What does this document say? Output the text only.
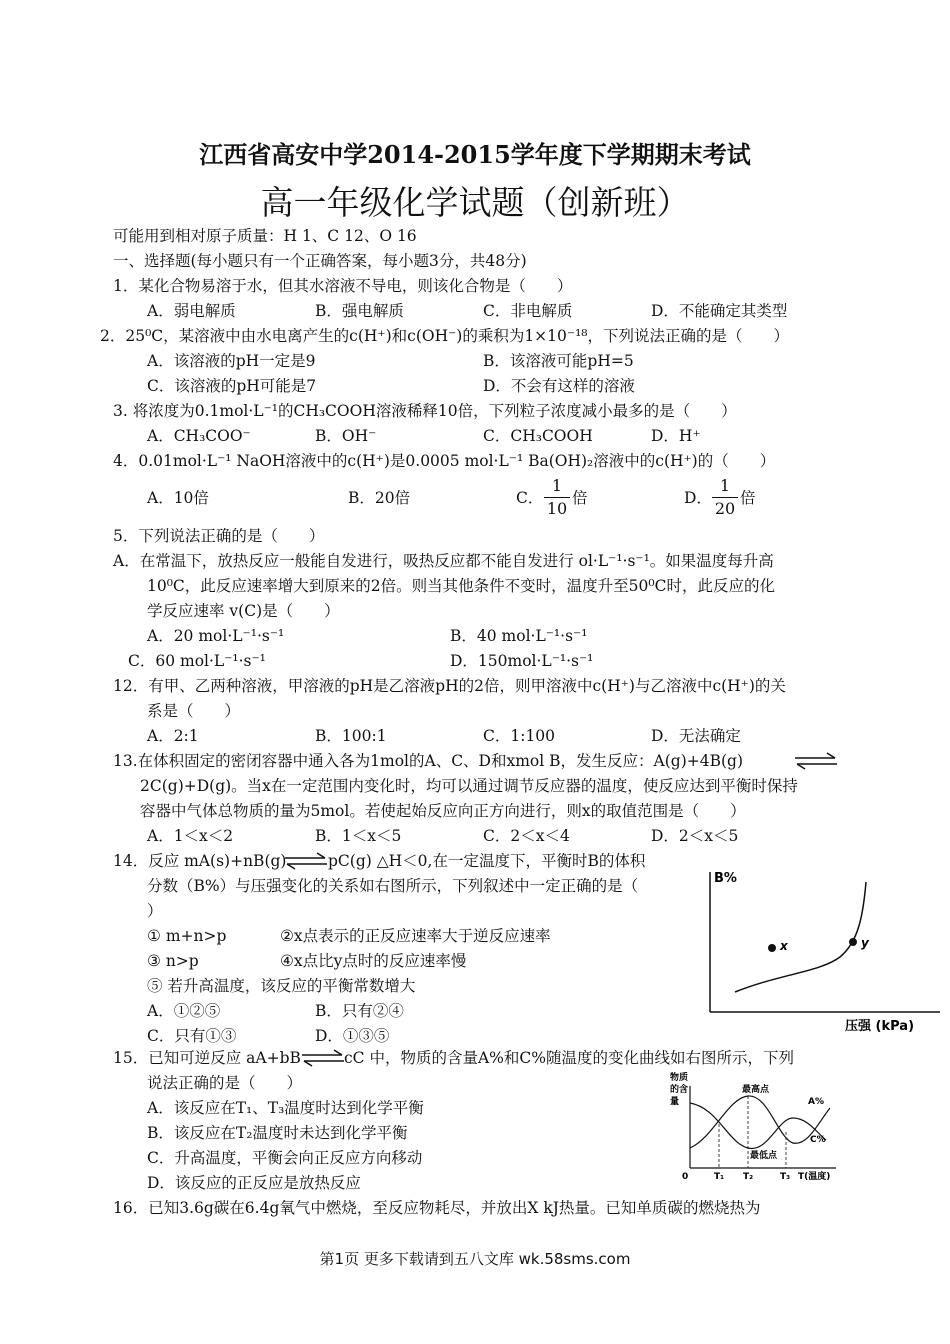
江西省高安中学2014-2015学年度下学期期末考试
高一年级化学试题（创新班）
可能用到相对原子质量：H 1、C 12、O 16
一、选择题(每小题只有一个正确答案，每小题3分，共48分)
1．某化合物易溶于水，但其水溶液不导电，则该化合物是（　　）
A．弱电解质	B．强电解质	C．非电解质	D．不能确定其类型
2．25⁰C，某溶液中由水电离产生的c(H⁺)和c(OH⁻)的乘积为1×10⁻¹⁸，下列说法正确的是（　　）
A．该溶液的pH一定是9	B．该溶液可能pH=5
C．该溶液的pH可能是7	D．不会有这样的溶液
3. 将浓度为0.1mol·L⁻¹的CH₃COOH溶液稀释10倍，下列粒子浓度减小最多的是（　　）
A．CH₃COO⁻	B．OH⁻	C．CH₃COOH	D．H⁺
4．0.01mol·L⁻¹ NaOH溶液中的c(H⁺)是0.0005 mol·L⁻¹ Ba(OH)₂溶液中的c(H⁺)的（　　）
A．10倍	B．20倍	C．
1
10
倍	D．
1
20
倍
5．下列说法正确的是（　　）
A．在常温下，放热反应一般能自发进行，吸热反应都不能自发进行 ol·L⁻¹·s⁻¹。如果温度每升高
10⁰C，此反应速率增大到原来的2倍。则当其他条件不变时，温度升至50⁰C时，此反应的化
学反应速率 v(C)是（　　）
A．20 mol·L⁻¹·s⁻¹	B．40 mol·L⁻¹·s⁻¹
C．60 mol·L⁻¹·s⁻¹	D．150mol·L⁻¹·s⁻¹
12．有甲、乙两种溶液，甲溶液的pH是乙溶液pH的2倍，则甲溶液中c(H⁺)与乙溶液中c(H⁺)的关
系是（　　）
A．2:1	B．100:1	C．1:100	D．无法确定
13.在体积固定的密闭容器中通入各为1mol的A、C、D和xmol B，发生反应：A(g)+4B(g)
2C(g)+D(g)。当x在一定范围内变化时，均可以通过调节反应器的温度，使反应达到平衡时保持
容器中气体总物质的量为5mol。若使起始反应向正方向进行，则x的取值范围是（　　）
A．1＜x＜2	B．1＜x＜5	C．2＜x＜4	D．2＜x＜5
14．反应 mA(s)+nB(g) ⇌ pC(g) △H＜0,在一定温度下，平衡时B的体积
分数（B%）与压强变化的关系如右图所示，下列叙述中一定正确的是（
）
① m+n>p	②x点表示的正反应速率大于逆反应速率
③ n>p	④x点比y点时的反应速率慢
⑤ 若升高温度，该反应的平衡常数增大
A．①②⑤	B．只有②④
C．只有①③	D．①③⑤
B%
压强 (kPa)
x	y
15．已知可逆反应 aA+bB ⇌
cC 中，物质的含量A%和C%随温度的变化曲线如右图所示，下列
说法正确的是（　　）
A．该反应在T₁、T₃温度时达到化学平衡
B．该反应在T₂温度时未达到化学平衡
C．升高温度，平衡会向正反应方向移动
D．该反应的正反应是放热反应
物质
的含
量
最高点
最低点
A%
C%
0	T₁ T₂	T₃ T(温度)
16．已知3.6g碳在6.4g氧气中燃烧，至反应物耗尽，并放出X kJ热量。已知单质碳的燃烧热为
第1页 更多下载请到五八文库 wk.58sms.com
